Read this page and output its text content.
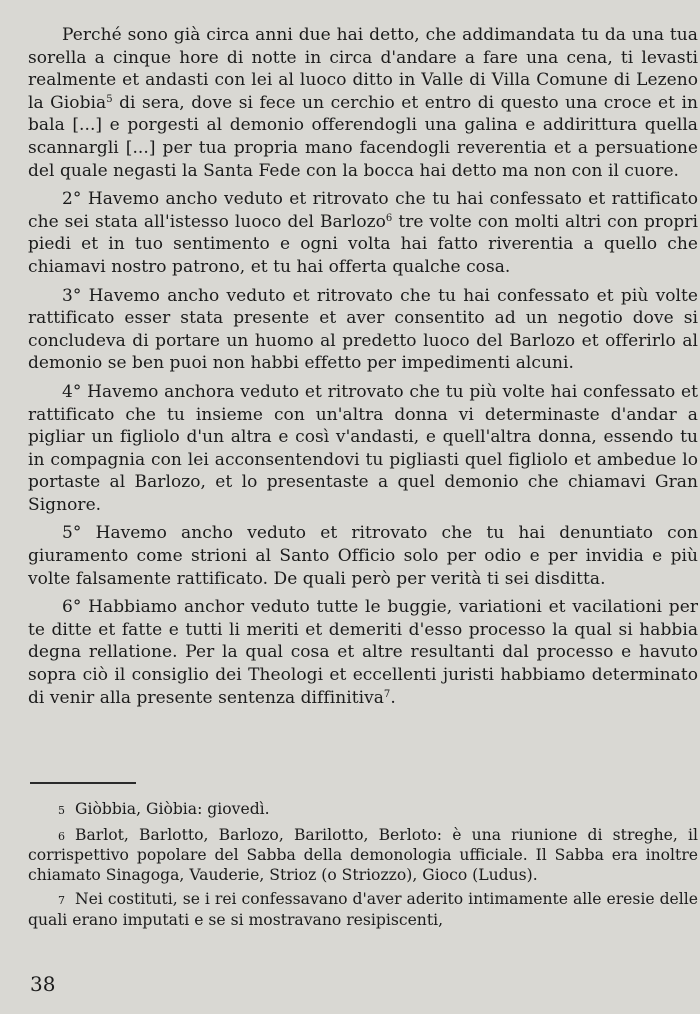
Perché sono già circa anni due hai detto, che addimandata tu da una tua sorella a cinque hore di notte in circa d'andare a fare una cena, ti levasti realmente et andasti con lei al luoco ditto in Valle di Villa Comune di Lezeno la Giobia$^5$ di sera, dove si fece un cerchio et entro di questo una croce et in bala [...] e porgesti al demonio offerendogli una galina e addirittura quella scannargli [...] per tua propria mano facendogli reverentia et a persuatione del quale negasti la Santa Fede con la bocca hai detto ma non con il cuore.

2° Havemo ancho veduto et ritrovato che tu hai confessato et rattificato che sei stata all'istesso luoco del Barlozo$^6$ tre volte con molti altri con propri piedi et in tuo sentimento e ogni volta hai fatto riverentia a quello che chiamavi nostro patrono, et tu hai offerta qualche cosa.

3° Havemo ancho veduto et ritrovato che tu hai confessato et più volte rattificato esser stata presente et aver consentito ad un negotio dove si concludeva di portare un huomo al predetto luoco del Barlozo et offerirlo al demonio se ben puoi non habbi effetto per impedimenti alcuni.

4° Havemo anchora veduto et ritrovato che tu più volte hai confessato et rattificato che tu insieme con un'altra donna vi determinaste d'andar a pigliar un figliolo d'un altra e così v'andasti, e quell'altra donna, essendo tu in compagnia con lei acconsentendovi tu pigliasti quel figliolo et ambedue lo portaste al Barlozo, et lo presentaste a quel demonio che chiamavi Gran Signore.

5° Havemo ancho veduto et ritrovato che tu hai denuntiato con giuramento come strioni al Santo Officio solo per odio e per invidia e più volte falsamente rattificato. De quali però per verità ti sei disditta.

6° Habbiamo anchor veduto tutte le buggie, variationi et vacilationi per te ditte et fatte e tutti li meriti et demeriti d'esso processo la qual si habbia degna rellatione. Per la qual cosa et altre resultanti dal processo e havuto sopra ciò il consiglio dei Theologi et eccellenti juristi habbiamo determinato di venir alla presente sentenza diffinitiva$^7$.

5 Giòbbia, Giòbia: giovedì.

6 Barlot, Barlotto, Barlozo, Barilotto, Berloto: è una riunione di streghe, il corrispettivo popolare del Sabba della demonologia ufficiale. Il Sabba era inoltre chiamato Sinagoga, Vauderie, Strioz (o Striozzo), Gioco (Ludus).

7 Nei costituti, se i rei confessavano d'aver aderito intimamente alle eresie delle quali erano imputati e se si mostravano resipiscenti,

38
